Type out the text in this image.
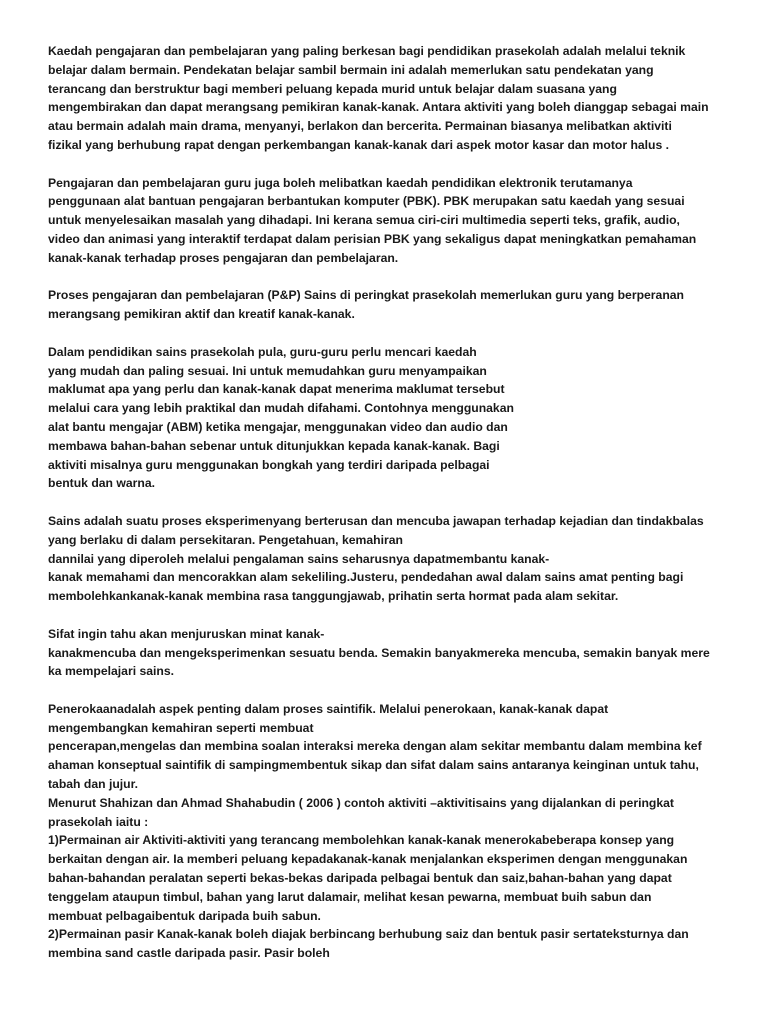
Kaedah pengajaran dan pembelajaran yang paling berkesan bagi pendidikan prasekolah adalah melalui teknik
belajar dalam bermain. Pendekatan belajar sambil bermain ini adalah memerlukan satu pendekatan yang
terancang dan berstruktur bagi memberi peluang kepada murid untuk belajar dalam suasana yang
mengembirakan dan dapat merangsang pemikiran kanak-kanak. Antara aktiviti yang boleh dianggap sebagai main
atau bermain adalah main drama, menyanyi, berlakon dan bercerita. Permainan biasanya melibatkan aktiviti
fizikal yang berhubung rapat dengan perkembangan kanak-kanak dari aspek motor kasar dan motor halus .
Pengajaran dan pembelajaran guru juga boleh melibatkan kaedah pendidikan elektronik terutamanya
penggunaan alat bantuan pengajaran berbantukan komputer (PBK). PBK merupakan satu kaedah yang sesuai
untuk menyelesaikan masalah yang dihadapi. Ini kerana semua ciri-ciri multimedia seperti teks, grafik, audio,
video dan animasi yang interaktif terdapat dalam perisian PBK yang sekaligus dapat meningkatkan pemahaman
kanak-kanak terhadap proses pengajaran dan pembelajaran.
Proses pengajaran dan pembelajaran (P&P) Sains di peringkat prasekolah memerlukan guru yang berperanan
merangsang pemikiran aktif dan kreatif kanak-kanak.
Dalam pendidikan sains prasekolah pula, guru-guru perlu mencari kaedah
yang mudah dan paling sesuai. Ini untuk memudahkan guru menyampaikan
maklumat apa yang perlu dan kanak-kanak dapat menerima maklumat tersebut
melalui cara yang lebih praktikal dan mudah difahami. Contohnya menggunakan
alat bantu mengajar (ABM) ketika mengajar, menggunakan video dan audio dan
membawa bahan-bahan sebenar untuk ditunjukkan kepada kanak-kanak. Bagi
aktiviti misalnya guru menggunakan bongkah yang terdiri daripada pelbagai
bentuk dan warna.
Sains adalah suatu proses eksperimenyang berterusan dan mencuba jawapan terhadap kejadian dan tindakbalas
yang berlaku di dalam persekitaran. Pengetahuan, kemahiran
dannilai yang diperoleh melalui pengalaman sains seharusnya dapatmembantu kanak-
kanak memahami dan mencorakkan alam sekeliling.Justeru, pendedahan awal dalam sains amat penting bagi
membolehkankanak-kanak membina rasa tanggungjawab, prihatin serta hormat pada alam sekitar.
Sifat ingin tahu akan menjuruskan minat kanak-
kanakmencuba dan mengeksperimenkan sesuatu benda. Semakin banyakmereka mencuba, semakin banyak mere
ka mempelajari sains.
Penerokaanadalah aspek penting dalam proses saintifik. Melalui penerokaan, kanak-kanak dapat
mengembangkan kemahiran seperti membuat
pencerapan,mengelas dan membina soalan interaksi mereka dengan alam sekitar membantu dalam membina kef
ahaman konseptual saintifik di sampingmembentuk sikap dan sifat dalam sains antaranya keinginan untuk tahu,
tabah dan jujur.
Menurut Shahizan dan Ahmad Shahabudin ( 2006 ) contoh aktiviti –aktivitisains yang dijalankan di peringkat
prasekolah iaitu :
1)Permainan air Aktiviti-aktiviti yang terancang membolehkan kanak-kanak menerokabeberapa konsep yang
berkaitan dengan air. Ia memberi peluang kepadakanak-kanak menjalankan eksperimen dengan menggunakan
bahan-bahandan peralatan seperti bekas-bekas daripada pelbagai bentuk dan saiz,bahan-bahan yang dapat
tenggelam ataupun timbul, bahan yang larut dalamair, melihat kesan pewarna, membuat buih sabun dan
membuat pelbagaibentuk daripada buih sabun.
2)Permainan pasir Kanak-kanak boleh diajak berbincang berhubung saiz dan bentuk pasir sertateksturnya dan
membina sand castle daripada pasir. Pasir boleh
